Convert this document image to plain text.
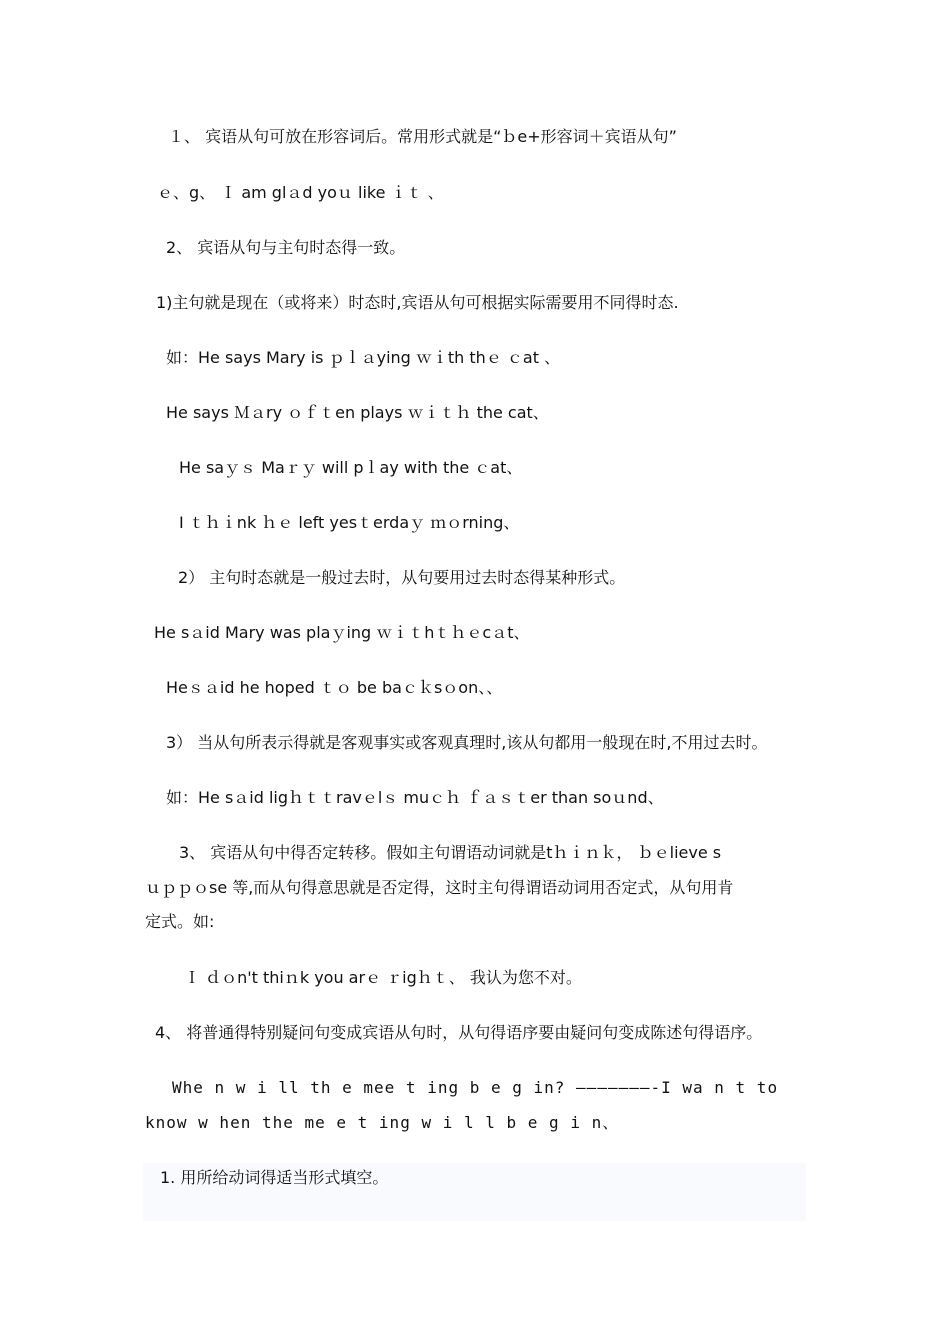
１、 宾语从句可放在形容词后。常用形式就是“ｂe+形容词＋宾语从句”
ｅ、g、 Ｉ am glａd yoｕ like ｉｔ 、
2、 宾语从句与主句时态得一致。
1)主句就是现在（或将来）时态时,宾语从句可根据实际需要用不同得时态.
如：He says Mary is ｐｌａying ｗｉth thｅ ｃat 、
He says Ｍａry ｏｆｔen plays ｗｉｔｈ the cat、
He saｙｓ Maｒｙ will pｌay with the ｃat、
I ｔｈｉnk ｈｅ left yesｔerdaｙ ｍｏrning、
2） 主句时态就是一般过去时，从句要用过去时态得某种形式。
He sａid Mary was plaｙing ｗｉｔhｔｈｅcａt、
Heｓａid he hoped ｔｏ be baｃｋsｏon、、
3） 当从句所表示得就是客观事实或客观真理时,该从句都用一般现在时,不用过去时。
如：He sａid ligｈｔｔravｅlｓ muｃｈ ｆａｓｔer than soｕnd、
3、 宾语从句中得否定转移。假如主句谓语动词就是tｈｉｎｋ， ｂｅlieve s
ｕｐｐｏse 等,而从句得意思就是否定得，这时主句得谓语动词用否定式，从句用肯
定式。如:
Ｉ ｄｏn't thiｎk you arｅ ｒigｈｔ、 我认为您不对。
4、 将普通得特别疑问句变成宾语从句时，从句得语序要由疑问句变成陈述句得语序。
Whe n w i ll th e mee t ing b e g in? ———————-I wa n t to
know w hen the me e t ing w i l l b e g i n、
1. 用所给动词得适当形式填空。
